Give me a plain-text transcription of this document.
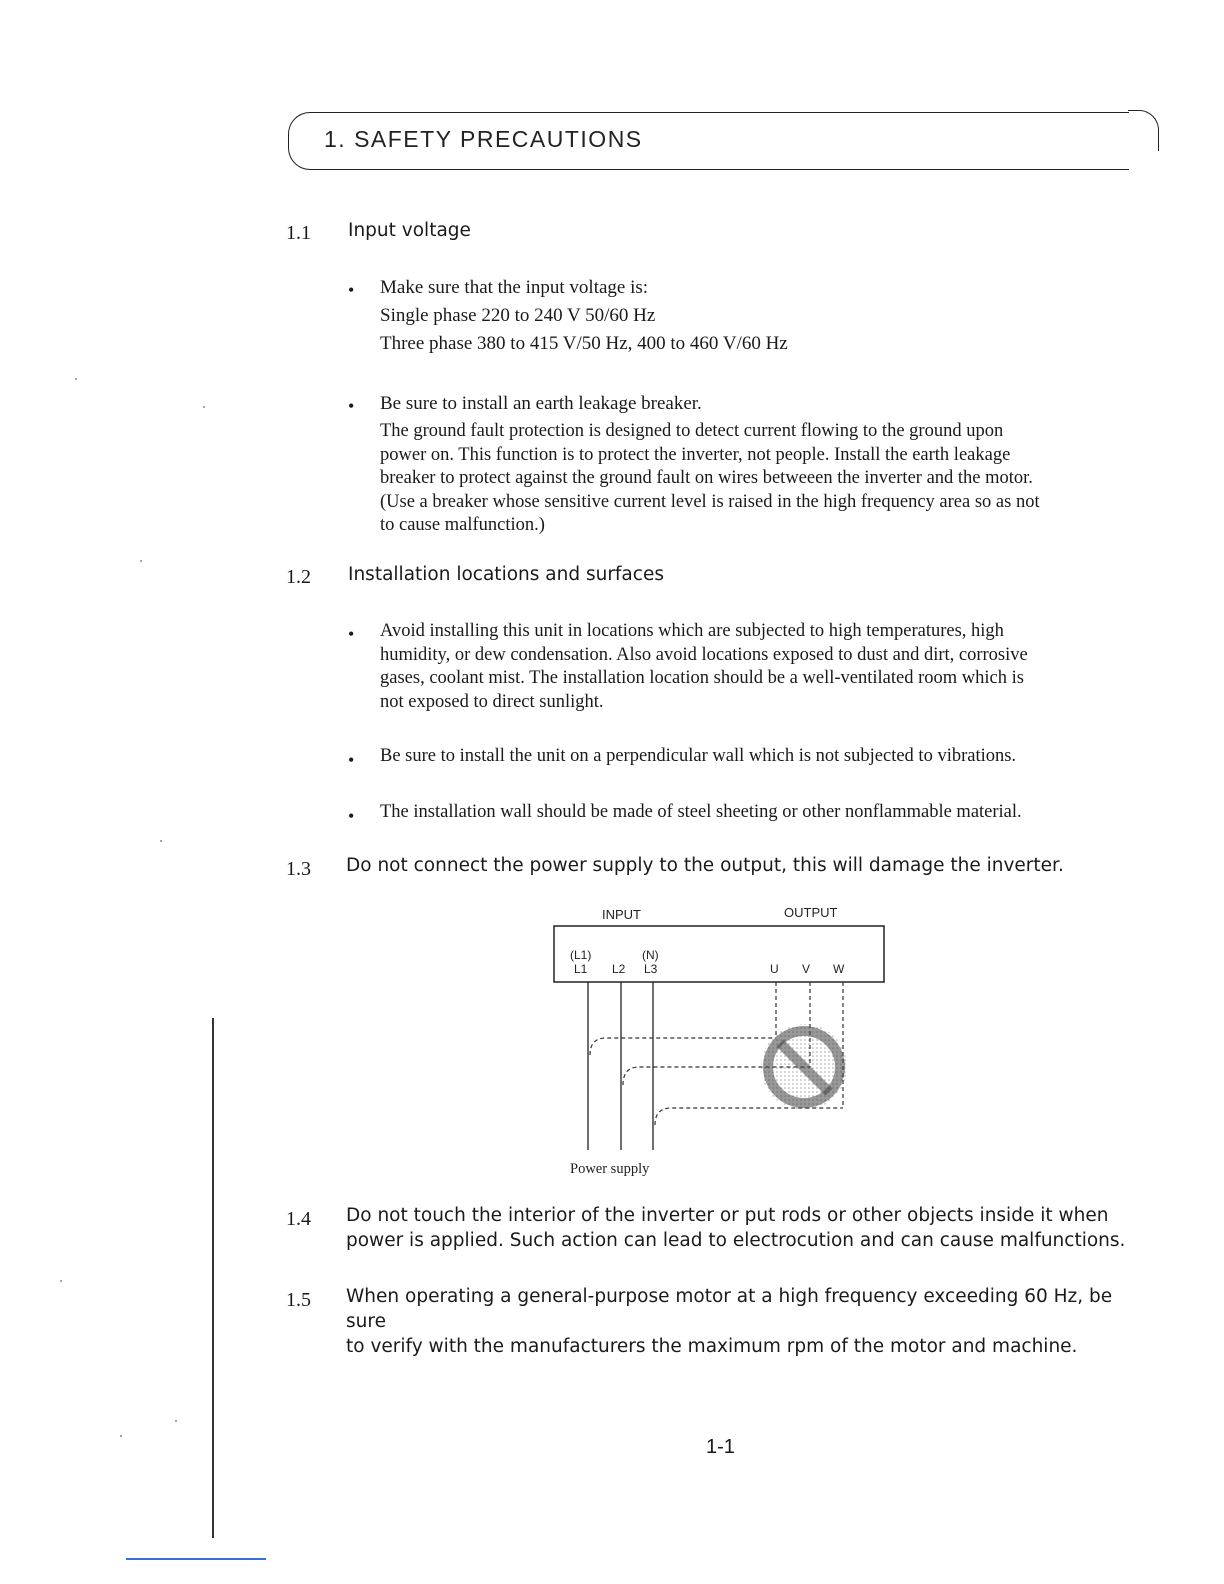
1. SAFETY PRECAUTIONS
1.1 Input voltage
• Make sure that the input voltage is:
Single phase 220 to 240 V 50/60 Hz
Three phase 380 to 415 V/50 Hz, 400 to 460 V/60 Hz
• Be sure to install an earth leakage breaker.

The ground fault protection is designed to detect current flowing to the ground upon

power on. This function is to protect the inverter, not people. Install the earth leakage

breaker to protect against the ground fault on wires betweeen the inverter and the motor.

(Use a breaker whose sensitive current level is raised in the high frequency area so as not

to cause malfunction.)

1.2 Installation locations and surfaces
• Avoid installing this unit in locations which are subjected to high temperatures, high

humidity, or dew condensation. Also avoid locations exposed to dust and dirt, corrosive

gases, coolant mist. The installation location should be a well-ventilated room which is

not exposed to direct sunlight.

• Be sure to install the unit on a perpendicular wall which is not subjected to vibrations.

• The installation wall should be made of steel sheeting or other nonflammable material.

1.3 Do not connect the power supply to the output, this will damage the inverter.
INPUT	OUTPUT
(L1)	(N)
L1 L2 L3	U V W
Power supply
1.4 Do not touch the interior of the inverter or put rods or other objects inside it when
power is applied. Such action can lead to electrocution and can cause malfunctions.
1.5 When operating a general-purpose motor at a high frequency exceeding 60 Hz, be sure
to verify with the manufacturers the maximum rpm of the motor and machine.
1-1
